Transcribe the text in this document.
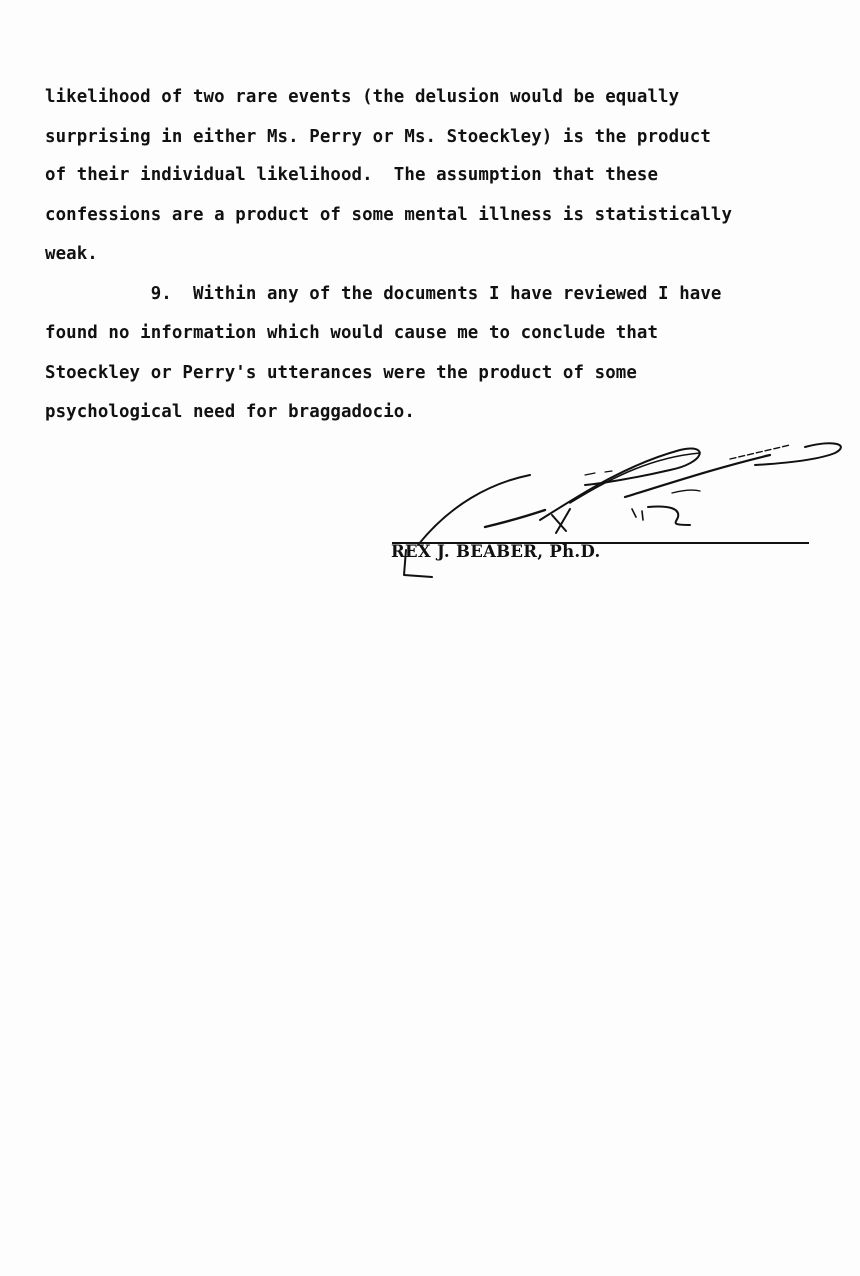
likelihood of two rare events (the delusion would be equally
surprising in either Ms. Perry or Ms. Stoeckley) is the product
of their individual likelihood.  The assumption that these
confessions are a product of some mental illness is statistically
weak.
9.  Within any of the documents I have reviewed I have
found no information which would cause me to conclude that
Stoeckley or Perry's utterances were the product of some
psychological need for braggadocio.
REX J. BEABER, Ph.D.
